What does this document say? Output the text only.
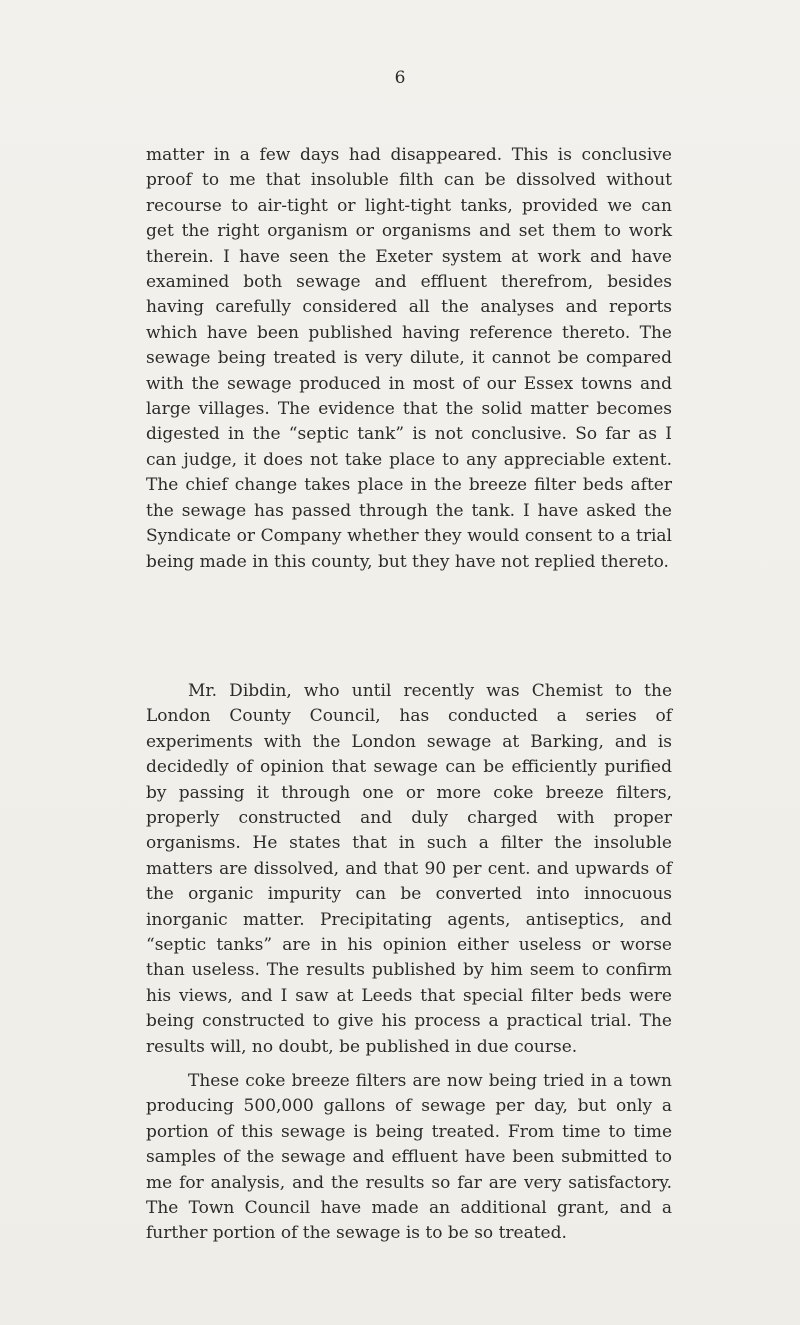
6

matter in a few days had disappeared. This is conclusive proof to me that insoluble filth can be dissolved without recourse to air-tight or light-tight tanks, provided we can get the right organism or organisms and set them to work therein. I have seen the Exeter system at work and have examined both sewage and effluent therefrom, besides having carefully considered all the analyses and reports which have been published having reference thereto. The sewage being treated is very dilute, it cannot be compared with the sewage produced in most of our Essex towns and large villages. The evidence that the solid matter becomes digested in the “septic tank” is not conclusive. So far as I can judge, it does not take place to any appreciable extent. The chief change takes place in the breeze filter beds after the sewage has passed through the tank. I have asked the Syndicate or Company whether they would consent to a trial being made in this county, but they have not replied thereto.

Mr. Dibdin, who until recently was Chemist to the London County Council, has conducted a series of experiments with the London sewage at Barking, and is decidedly of opinion that sewage can be efficiently purified by passing it through one or more coke breeze filters, properly constructed and duly charged with proper organisms. He states that in such a filter the insoluble matters are dissolved, and that 90 per cent. and upwards of the organic impurity can be converted into innocuous inorganic matter. Precipitating agents, antiseptics, and “septic tanks” are in his opinion either useless or worse than useless. The results published by him seem to confirm his views, and I saw at Leeds that special filter beds were being constructed to give his process a practical trial. The results will, no doubt, be published in due course.

These coke breeze filters are now being tried in a town producing 500,000 gallons of sewage per day, but only a portion of this sewage is being treated. From time to time samples of the sewage and effluent have been submitted to me for analysis, and the results so far are very satisfactory. The Town Council have made an additional grant, and a further portion of the sewage is to be so treated.
